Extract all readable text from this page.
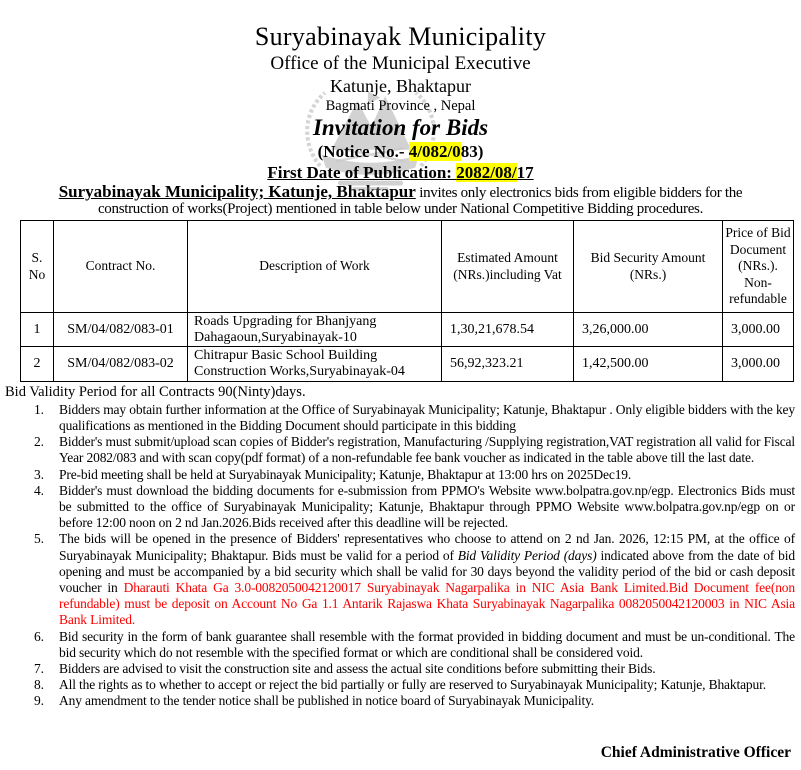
Suryabinayak Municipality
Office of the Municipal Executive
Katunje, Bhaktapur
Bagmati Province , Nepal
Invitation for Bids
(Notice No.- 4/082/083)
First Date of Publication: 2082/08/17
Suryabinayak Municipality; Katunje, Bhaktapur invites only electronics bids from eligible bidders for the construction of works(Project) mentioned in table below under National Competitive Bidding procedures.
S. No	Contract No.	Description of Work	Estimated Amount (NRs.)including Vat	Bid Security Amount (NRs.)	Price of Bid Document (NRs.). Non-refundable
1	SM/04/082/083-01	Roads Upgrading for Bhanjyang Dahagaoun,Suryabinayak-10	1,30,21,678.54	3,26,000.00	3,000.00
2	SM/04/082/083-02	Chitrapur Basic School Building Construction Works,Suryabinayak-04	56,92,323.21	1,42,500.00	3,000.00
Bid Validity Period for all Contracts 90(Ninty)days.
1.	Bidders may obtain further information at the Office of Suryabinayak Municipality; Katunje, Bhaktapur . Only eligible bidders with the key qualifications as mentioned in the Bidding Document should participate in this bidding
2.	Bidder's must submit/upload scan copies of Bidder's registration, Manufacturing /Supplying registration,VAT registration all valid for Fiscal Year 2082/083 and with scan copy(pdf format) of a non-refundable fee bank voucher as indicated in the table above till the last date.
3.	Pre-bid meeting shall be held at Suryabinayak Municipality; Katunje, Bhaktapur at 13:00 hrs on 2025Dec19.
4.	Bidder's must download the bidding documents for e-submission from PPMO's Website www.bolpatra.gov.np/egp. Electronics Bids must be submitted to the office of Suryabinayak Municipality; Katunje, Bhaktapur through PPMO Website www.bolpatra.gov.np/egp on or before 12:00 noon on 2 nd Jan.2026.Bids received after this deadline will be rejected.
5.	The bids will be opened in the presence of Bidders' representatives who choose to attend on 2 nd Jan. 2026, 12:15 PM, at the office of Suryabinayak Municipality; Bhaktapur. Bids must be valid for a period of Bid Validity Period (days) indicated above from the date of bid opening and must be accompanied by a bid security which shall be valid for 30 days beyond the validity period of the bid or cash deposit voucher in Dharauti Khata Ga 3.0-0082050042120017 Suryabinayak Nagarpalika in NIC Asia Bank Limited.Bid Document fee(non refundable) must be deposit on Account No Ga 1.1 Antarik Rajaswa Khata Suryabinayak Nagarpalika 0082050042120003 in NIC Asia Bank Limited.
6.	Bid security in the form of bank guarantee shall resemble with the format provided in bidding document and must be un-conditional. The bid security which do not resemble with the specified format or which are conditional shall be considered void.
7.	Bidders are advised to visit the construction site and assess the actual site conditions before submitting their Bids.
8.	All the rights as to whether to accept or reject the bid partially or fully are reserved to Suryabinayak Municipality; Katunje, Bhaktapur.
9.	Any amendment to the tender notice shall be published in notice board of Suryabinayak Municipality.
Chief Administrative Officer
